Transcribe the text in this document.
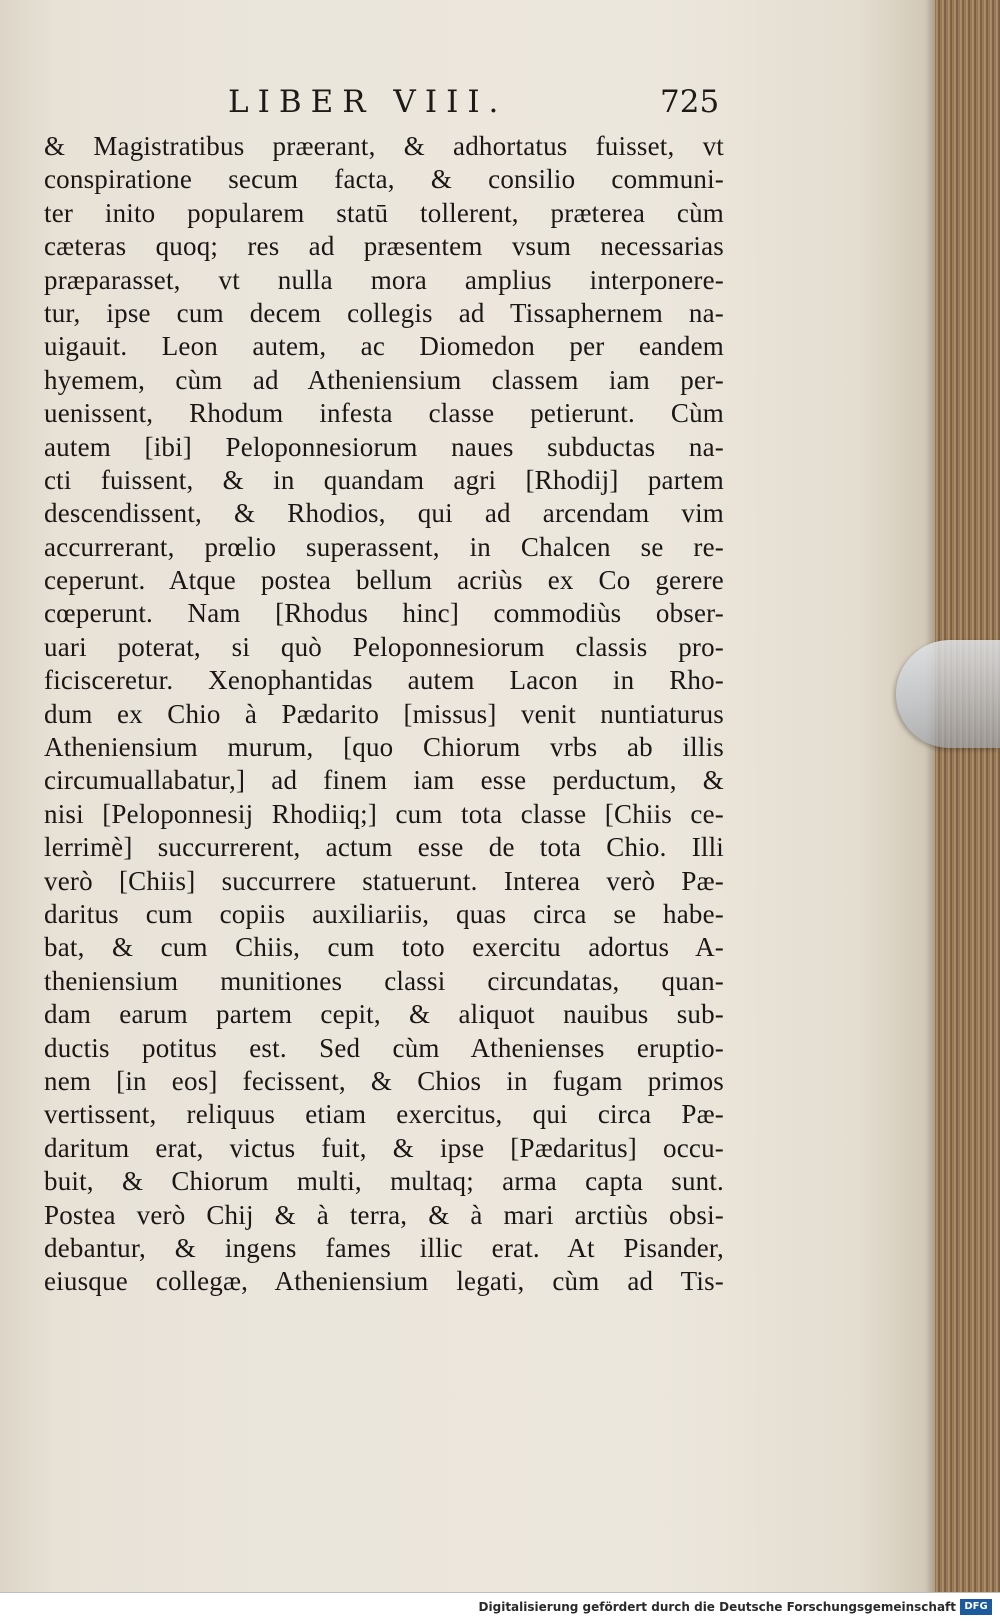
LIBER VIII.	725
& Magistratibus præerant, & adhortatus fuisset, vt
conspiratione secum facta, & consilio communi-
ter inito popularem statū tollerent, præterea cùm
cæteras quoq; res ad præsentem vsum necessarias
præparasset, vt nulla mora amplius interponere-
tur, ipse cum decem collegis ad Tissaphernem na-
uigauit. Leon autem, ac Diomedon per eandem
hyemem, cùm ad Atheniensium classem iam per-
uenissent, Rhodum infesta classe petierunt. Cùm
autem [ibi] Peloponnesiorum naues subductas na-
cti fuissent, & in quandam agri [Rhodij] partem
descendissent, & Rhodios, qui ad arcendam vim
accurrerant, prœlio superassent, in Chalcen se re-
ceperunt. Atque postea bellum acriùs ex Co gerere
cœperunt. Nam [Rhodus hinc] commodiùs obser-
uari poterat, si quò Peloponnesiorum classis pro-
ficisceretur. Xenophantidas autem Lacon in Rho-
dum ex Chio à Pædarito [missus] venit nuntiaturus
Atheniensium murum, [quo Chiorum vrbs ab illis
circumuallabatur,] ad finem iam esse perductum, &
nisi [Peloponnesij Rhodiiq;] cum tota classe [Chiis ce-
lerrimè] succurrerent, actum esse de tota Chio. Illi
verò [Chiis] succurrere statuerunt. Interea verò Pæ-
daritus cum copiis auxiliariis, quas circa se habe-
bat, & cum Chiis, cum toto exercitu adortus A-
theniensium munitiones classi circundatas, quan-
dam earum partem cepit, & aliquot nauibus sub-
ductis potitus est. Sed cùm Athenienses eruptio-
nem [in eos] fecissent, & Chios in fugam primos
vertissent, reliquus etiam exercitus, qui circa Pæ-
daritum erat, victus fuit, & ipse [Pædaritus] occu-
buit, & Chiorum multi, multaq; arma capta sunt.
Postea verò Chij & à terra, & à mari arctiùs obsi-
debantur, & ingens fames illic erat. At Pisander,
eiusque collegæ, Atheniensium legati, cùm ad Tis-
Digitalisierung gefördert durch die Deutsche Forschungsgemeinschaft DFG
